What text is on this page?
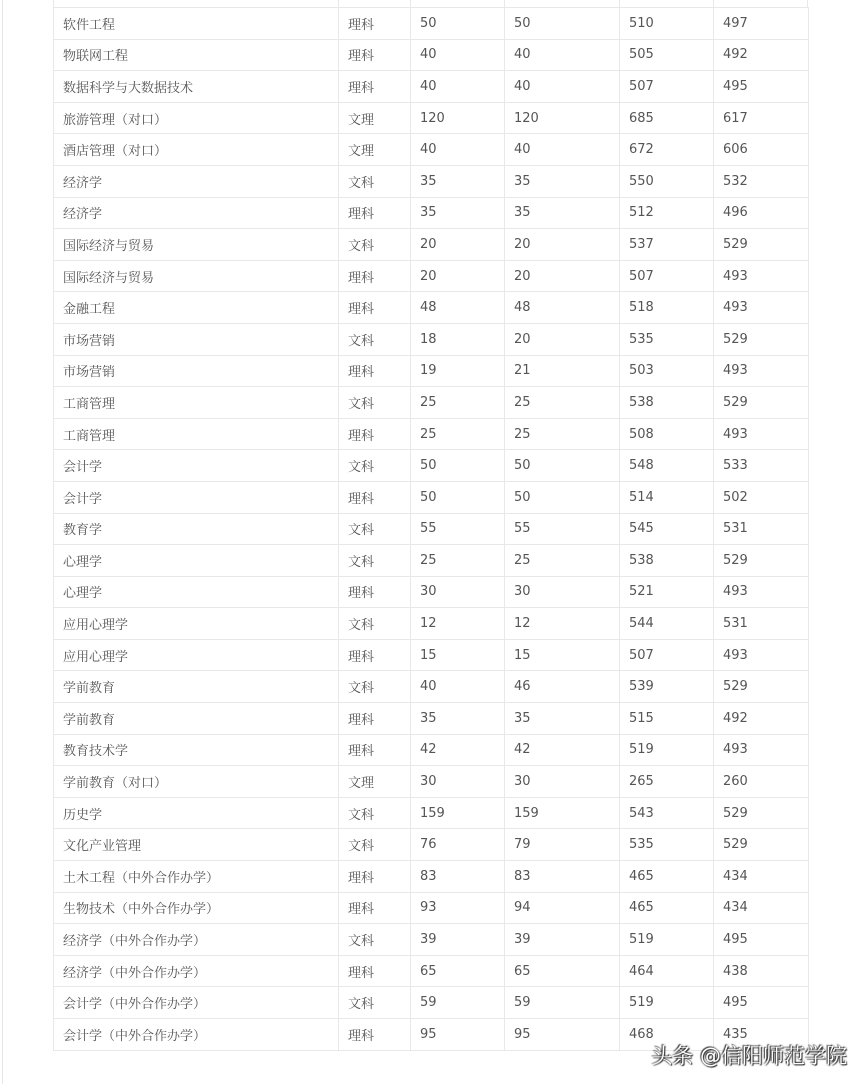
软件工程	理科	50	50	510	497
物联网工程	理科	40	40	505	492
数据科学与大数据技术	理科	40	40	507	495
旅游管理（对口）	文理	120	120	685	617
酒店管理（对口）	文理	40	40	672	606
经济学	文科	35	35	550	532
经济学	理科	35	35	512	496
国际经济与贸易	文科	20	20	537	529
国际经济与贸易	理科	20	20	507	493
金融工程	理科	48	48	518	493
市场营销	文科	18	20	535	529
市场营销	理科	19	21	503	493
工商管理	文科	25	25	538	529
工商管理	理科	25	25	508	493
会计学	文科	50	50	548	533
会计学	理科	50	50	514	502
教育学	文科	55	55	545	531
心理学	文科	25	25	538	529
心理学	理科	30	30	521	493
应用心理学	文科	12	12	544	531
应用心理学	理科	15	15	507	493
学前教育	文科	40	46	539	529
学前教育	理科	35	35	515	492
教育技术学	理科	42	42	519	493
学前教育（对口）	文理	30	30	265	260
历史学	文科	159	159	543	529
文化产业管理	文科	76	79	535	529
土木工程（中外合作办学）	理科	83	83	465	434
生物技术（中外合作办学）	理科	93	94	465	434
经济学（中外合作办学）	文科	39	39	519	495
经济学（中外合作办学）	理科	65	65	464	438
会计学（中外合作办学）	文科	59	59	519	495
会计学（中外合作办学）	理科	95	95	468	435
头条 @信阳师范学院
